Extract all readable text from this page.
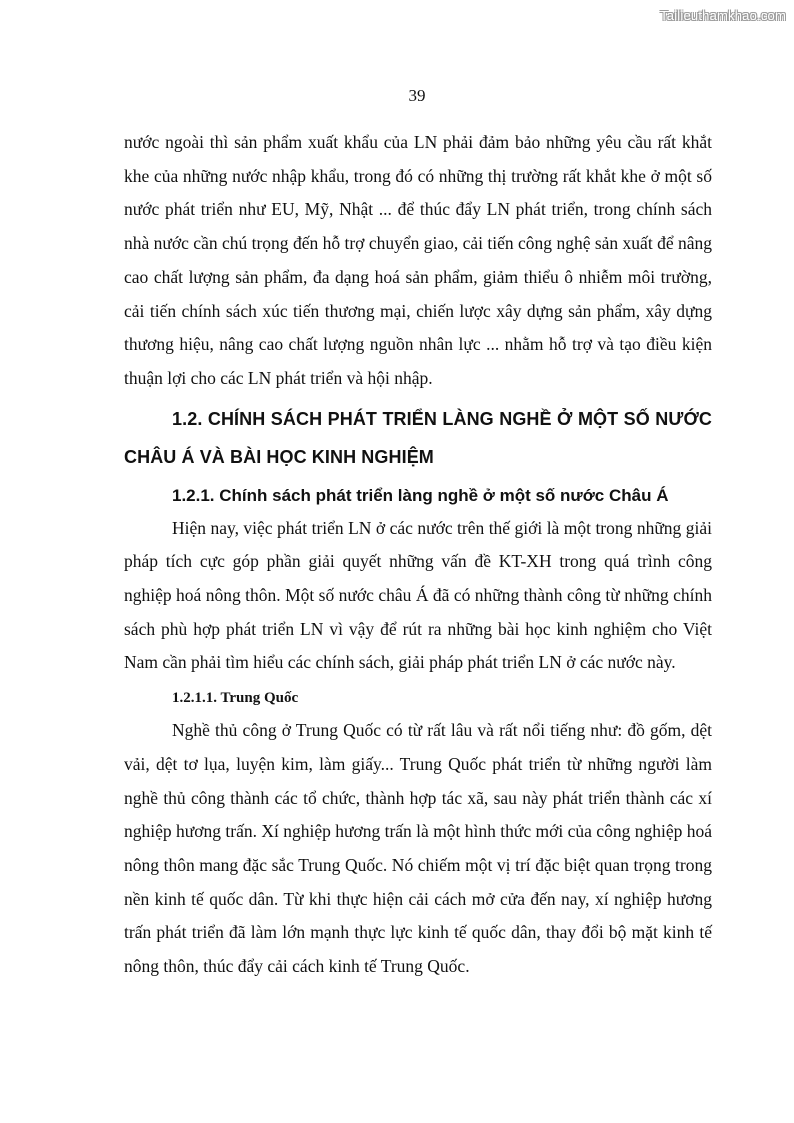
Tailieuthamkhao.com
39

nước ngoài thì sản phẩm xuất khẩu của LN phải đảm bảo những yêu cầu rất khắt khe của những nước nhập khẩu, trong đó có những thị trường rất khắt khe ở một số nước phát triển như EU, Mỹ, Nhật ... để thúc đẩy LN phát triển, trong chính sách nhà nước cần chú trọng đến hỗ trợ chuyển giao, cải tiến công nghệ sản xuất để nâng cao chất lượng sản phẩm, đa dạng hoá sản phẩm, giảm thiểu ô nhiễm môi trường, cải tiến chính sách xúc tiến thương mại, chiến lược xây dựng sản phẩm, xây dựng thương hiệu, nâng cao chất lượng nguồn nhân lực ... nhằm hỗ trợ và tạo điều kiện thuận lợi cho các LN phát triển và hội nhập.

1.2. CHÍNH SÁCH PHÁT TRIỂN LÀNG NGHỀ Ở MỘT SỐ NƯỚC CHÂU Á VÀ BÀI HỌC KINH NGHIỆM
1.2.1. Chính sách phát triển làng nghề ở một số nước Châu Á

Hiện nay, việc phát triển LN ở các nước trên thế giới là một trong những giải pháp tích cực góp phần giải quyết những vấn đề KT-XH trong quá trình công nghiệp hoá nông thôn. Một số nước châu Á đã có những thành công từ những chính sách phù hợp phát triển LN vì vậy để rút ra những bài học kinh nghiệm cho Việt Nam cần phải tìm hiểu các chính sách, giải pháp phát triển LN ở các nước này.

1.2.1.1. Trung Quốc

Nghề thủ công ở Trung Quốc có từ rất lâu và rất nổi tiếng như: đồ gốm, dệt vải, dệt tơ lụa, luyện kim, làm giấy... Trung Quốc phát triển từ những người làm nghề thủ công thành các tổ chức, thành hợp tác xã, sau này phát triển thành các xí nghiệp hương trấn. Xí nghiệp hương trấn là một hình thức mới của công nghiệp hoá nông thôn mang đặc sắc Trung Quốc. Nó chiếm một vị trí đặc biệt quan trọng trong nền kinh tế quốc dân. Từ khi thực hiện cải cách mở cửa đến nay, xí nghiệp hương trấn phát triển đã làm lớn mạnh thực lực kinh tế quốc dân, thay đổi bộ mặt kinh tế nông thôn, thúc đẩy cải cách kinh tế Trung Quốc.
